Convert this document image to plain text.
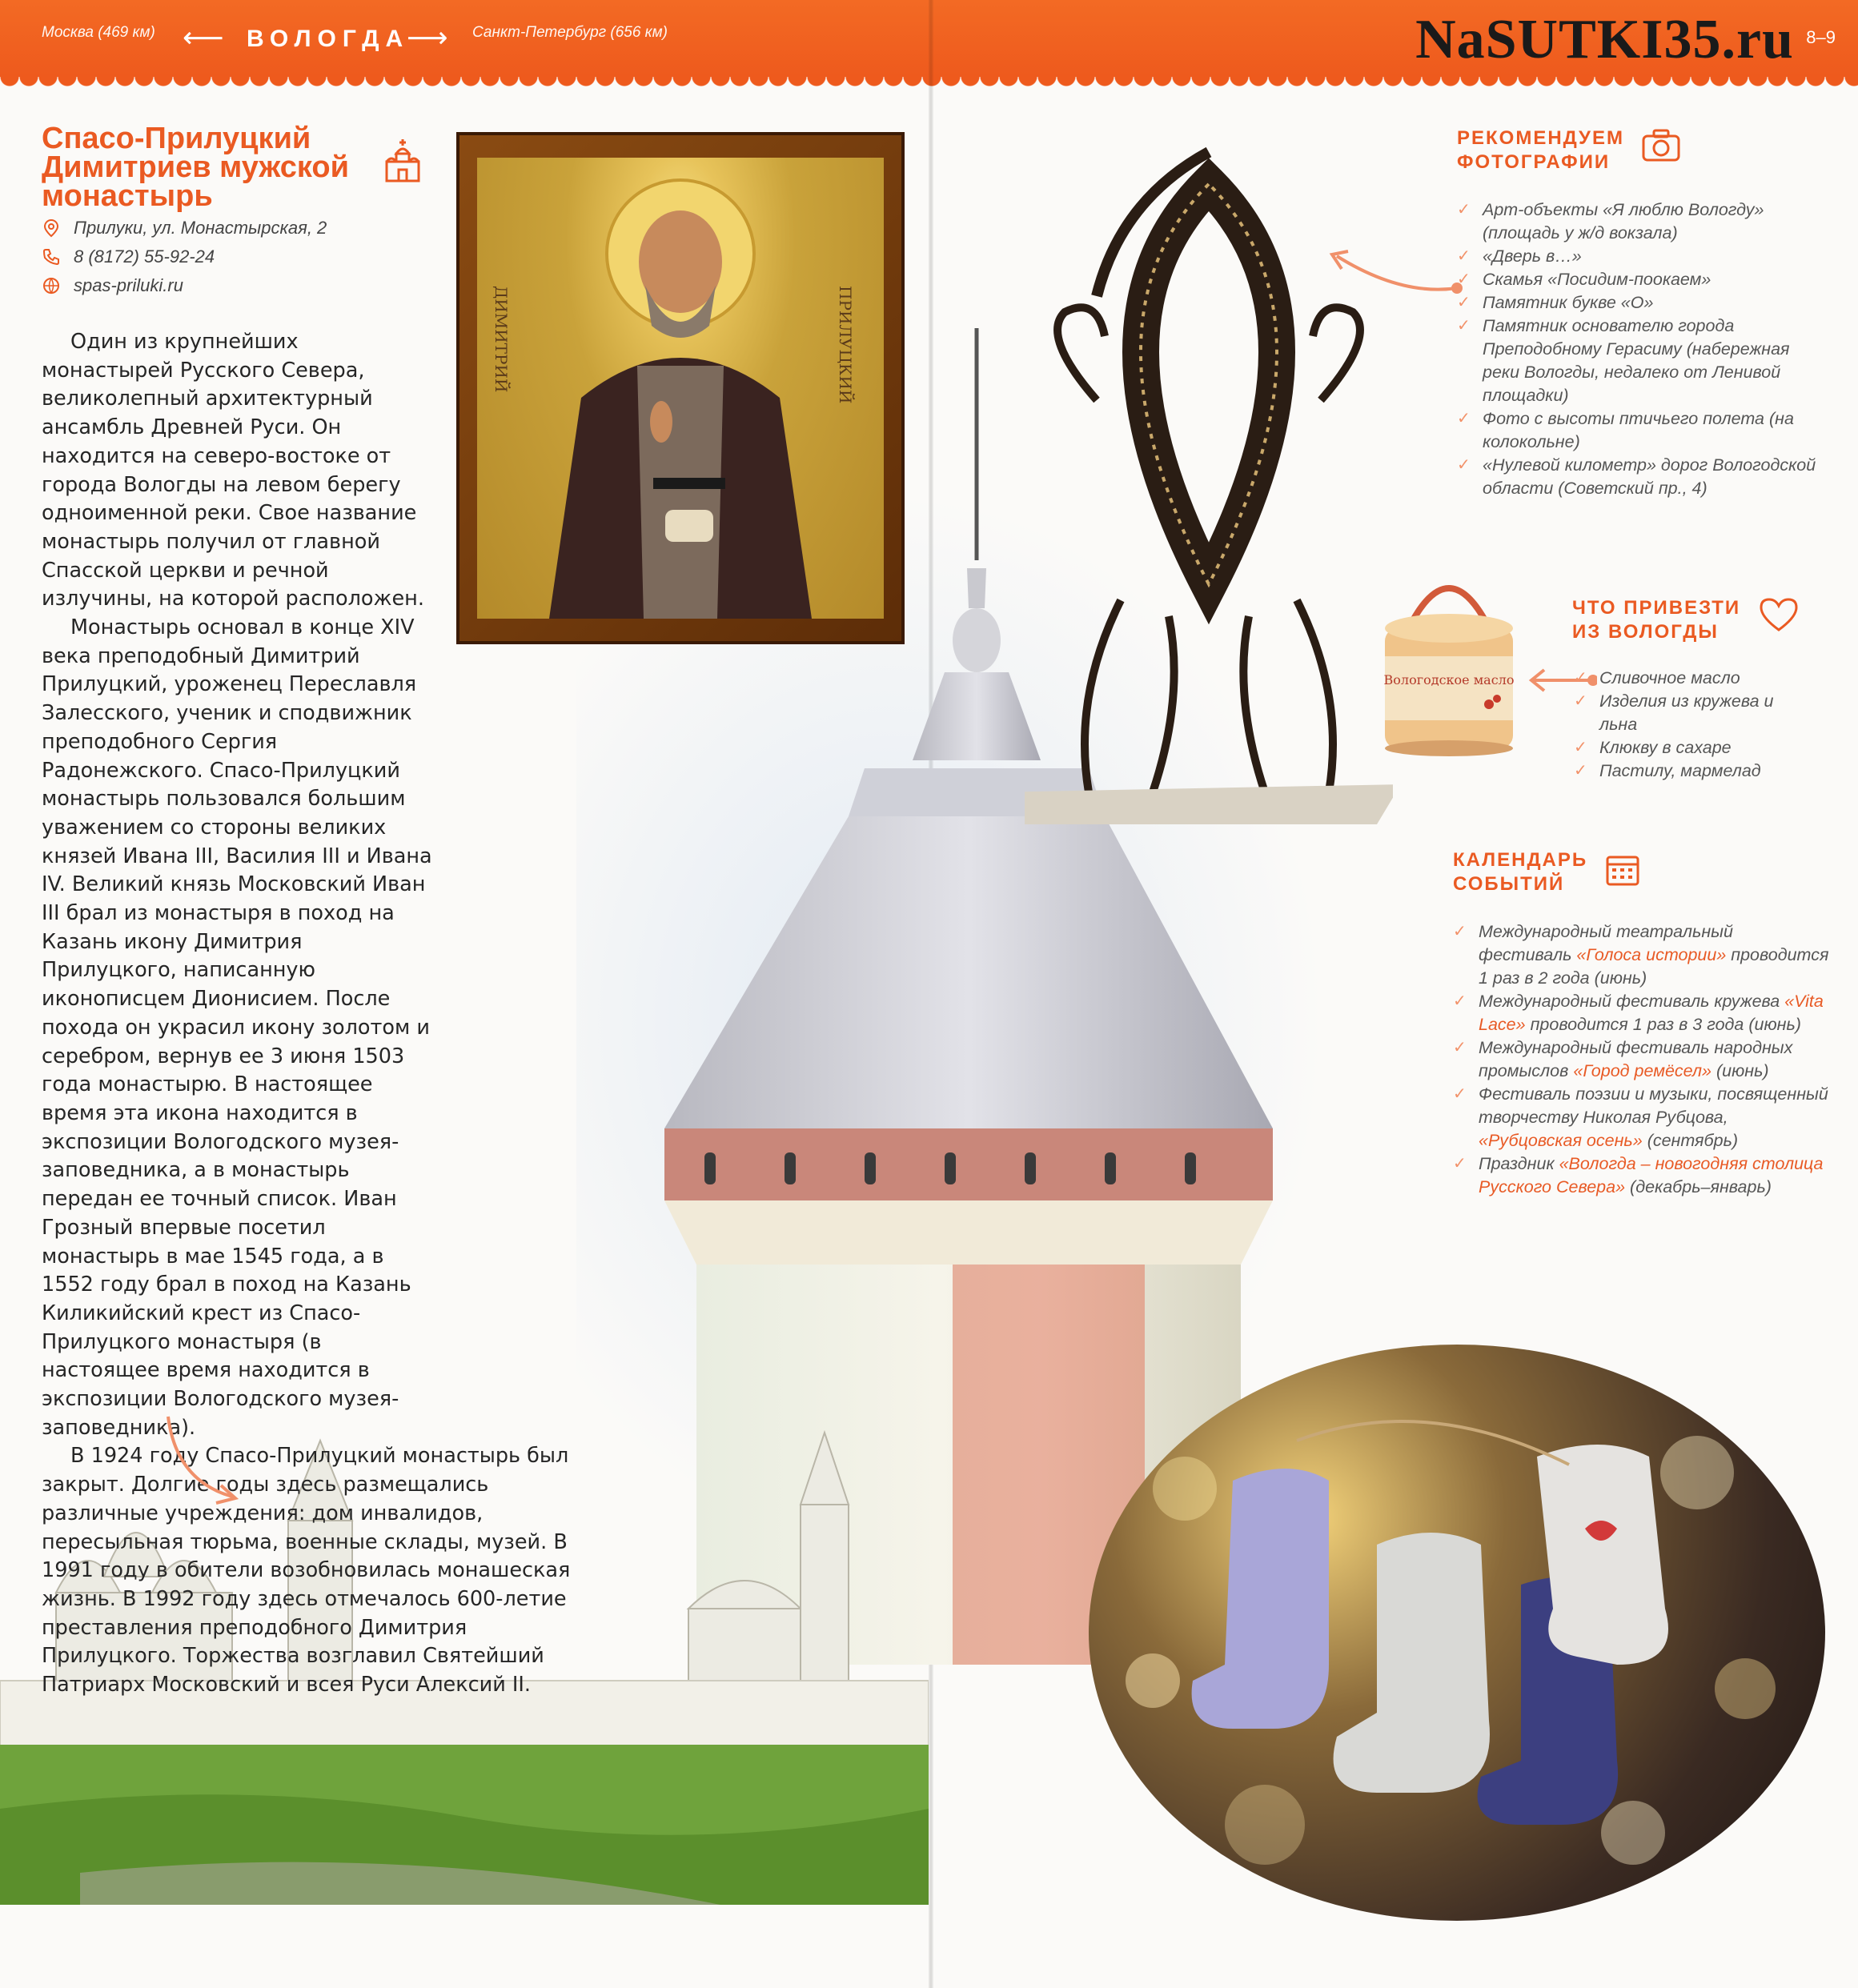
Москва (469 км) ⟵ ВОЛОГДА
⟶ Санкт-Петербург (656 км)	8–9
NaSUTKI35.ru
ДИМИТРИЙ	ПРИЛУЦКИЙ
Вологодское масло
Спасо-Прилуцкий Димитриев мужской монастырь
Прилуки, ул. Монастырская, 2
8 (8172) 55-92-24
spas-priluki.ru

Один из крупнейших монастырей Русского Севера, великолепный архитектурный ансамбль Древней Руси. Он находится на северо-востоке от города Вологды на левом берегу одноименной реки. Свое название монастырь получил от главной Спасской церкви и речной излучины, на которой расположен.

Монастырь основал в конце XIV века преподобный Димитрий Прилуцкий, уроженец Переславля Залесского, ученик и сподвижник преподобного Сергия Радонежского. Спасо-Прилуцкий монастырь пользовался большим уважением со стороны великих князей Ивана III, Василия III и Ивана IV. Великий князь Московский Иван III брал из монастыря в поход на Казань икону Димитрия Прилуцкого, написанную иконописцем Дионисием. После похода он украсил икону золотом и серебром, вернув ее 3 июня 1503 года монастырю. В настоящее время эта икона находится в экспозиции Вологодского музея-заповедника, а в монастырь передан ее точный список. Иван Грозный впервые посетил монастырь в мае 1545 года, а в 1552 году брал в поход на Казань Киликийский крест из Спасо-Прилуцкого монастыря (в настоящее время находится в экспозиции Вологодского музея-заповедника).

В 1924 году Спасо-Прилуцкий монастырь был закрыт. Долгие годы здесь размещались различные учреждения: дом инвалидов, пересыльная тюрьма, военные склады, музей. В 1991 году в обители возобновилась монашеская жизнь. В 1992 году здесь отмечалось 600-летие преставления преподобного Димитрия Прилуцкого. Торжества возглавил Святейший Патриарх Московский и всея Руси Алексий II.

РЕКОМЕНДУЕМ
ФОТОГРАФИИ
✓ Арт-объекты «Я люблю Вологду» (площадь у ж/д вокзала)
✓ «Дверь в…»
✓ Скамья «Посидим-поокаем»
✓ Памятник букве «О»
✓ Памятник основателю города Преподобному Герасиму (набережная реки Вологды, недалеко от Ленивой площадки)
✓ Фото с высоты птичьего полета (на колокольне)
✓ «Нулевой километр» дорог Вологодской области (Советский пр., 4)
ЧТО ПРИВЕЗТИ
ИЗ ВОЛОГДЫ
✓ Сливочное масло
✓ Изделия из кружева и льна
✓ Клюкву в сахаре
✓ Пастилу, мармелад
КАЛЕНДАРЬ
СОБЫТИЙ
✓ Международный театральный фестиваль «Голоса истории» проводится 1 раз в 2 года (июнь)
✓ Международный фестиваль кружева «Vita Lace» проводится 1 раз в 3 года (июнь)
✓ Международный фестиваль народных промыслов «Город ремёсел» (июнь)
✓ Фестиваль поэзии и музыки, посвященный творчеству Николая Рубцова, «Рубцовская осень» (сентябрь)
✓ Праздник «Вологда – новогодняя столица Русского Севера» (декабрь–январь)
